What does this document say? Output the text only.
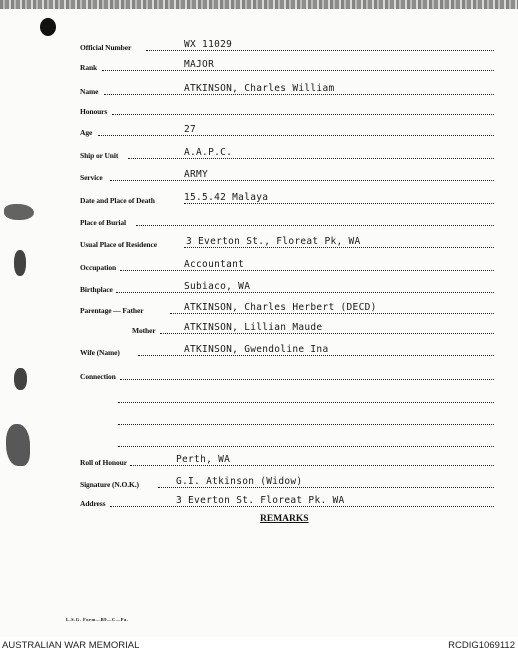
Official Number	WX 11029
Rank	MAJOR
Name	ATKINSON, Charles William
Honours
Age	27
Ship or Unit	A.A.P.C.
Service	ARMY
Date and Place of Death	15.5.42 Malaya
Place of Burial
Usual Place of Residence	3 Everton St., Floreat Pk, WA
Occupation	Accountant
Birthplace	Subiaco, WA
Parentage — Father	ATKINSON, Charles Herbert (DECD)
Mother	ATKINSON, Lillian Maude
Wife (Name)	ATKINSON, Gwendoline Ina
Connection
Roll of Honour	Perth, WA
Signature (N.O.K.)	G.I. Atkinson (Widow)
Address	3 Everton St. Floreat Pk. WA
REMARKS
L.S.G. Form—B9—C—Pa.
AUSTRALIAN WAR MEMORIAL	RCDIG1069112
